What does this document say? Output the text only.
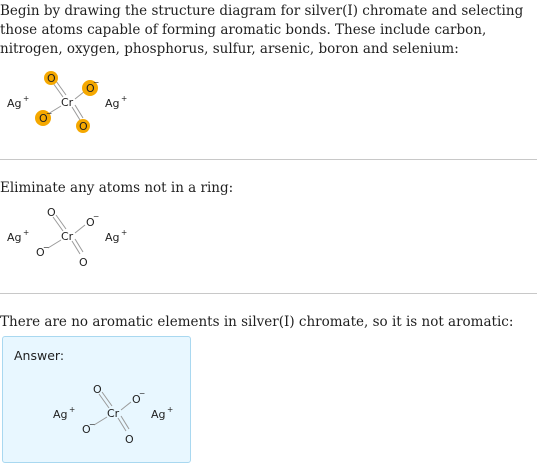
Begin by drawing the structure diagram for silver(I) chromate and selecting those atoms capable of forming aromatic bonds. These include carbon, nitrogen, oxygen, phosphorus, sulfur, arsenic, boron and selenium:
Ag +	Cr
O
O
−
O
−
O
Ag +
Eliminate any atoms not in a ring:
Ag +	Cr
O
O
−
O
−
O
Ag +
There are no aromatic elements in silver(I) chromate, so it is not aromatic:
Answer:
Ag +	Cr
O
O
−
O
−
O
Ag +
